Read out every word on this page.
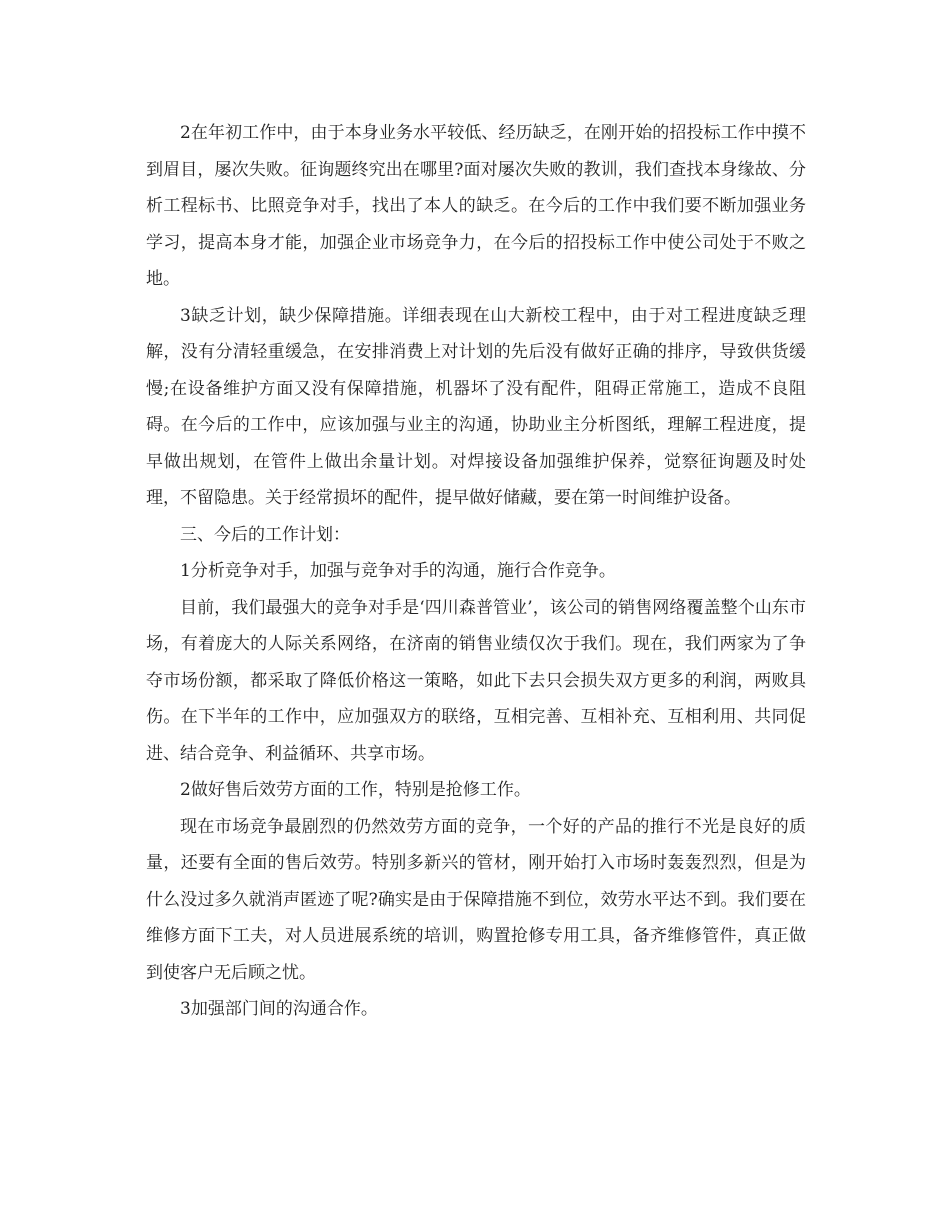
2在年初工作中，由于本身业务水平较低、经历缺乏，在刚开始的招投标工作中摸不到眉目，屡次失败。征询题终究出在哪里?面对屡次失败的教训，我们查找本身缘故、分析工程标书、比照竞争对手，找出了本人的缺乏。在今后的工作中我们要不断加强业务学习，提高本身才能，加强企业市场竞争力，在今后的招投标工作中使公司处于不败之地。

3缺乏计划，缺少保障措施。详细表现在山大新校工程中，由于对工程进度缺乏理解，没有分清轻重缓急，在安排消费上对计划的先后没有做好正确的排序，导致供货缓慢;在设备维护方面又没有保障措施，机器坏了没有配件，阻碍正常施工，造成不良阻碍。在今后的工作中，应该加强与业主的沟通，协助业主分析图纸，理解工程进度，提早做出规划，在管件上做出余量计划。对焊接设备加强维护保养，觉察征询题及时处理，不留隐患。关于经常损坏的配件，提早做好储藏，要在第一时间维护设备。

三、今后的工作计划：

1分析竞争对手，加强与竞争对手的沟通，施行合作竞争。

目前，我们最强大的竞争对手是‘四川森普管业’，该公司的销售网络覆盖整个山东市场，有着庞大的人际关系网络，在济南的销售业绩仅次于我们。现在，我们两家为了争夺市场份额，都采取了降低价格这一策略，如此下去只会损失双方更多的利润，两败具伤。在下半年的工作中，应加强双方的联络，互相完善、互相补充、互相利用、共同促进、结合竞争、利益循环、共享市场。

2做好售后效劳方面的工作，特别是抢修工作。

现在市场竞争最剧烈的仍然效劳方面的竞争，一个好的产品的推行不光是良好的质量，还要有全面的售后效劳。特别多新兴的管材，刚开始打入市场时轰轰烈烈，但是为什么没过多久就消声匿迹了呢?确实是由于保障措施不到位，效劳水平达不到。我们要在维修方面下工夫，对人员进展系统的培训，购置抢修专用工具，备齐维修管件，真正做到使客户无后顾之忧。

3加强部门间的沟通合作。
